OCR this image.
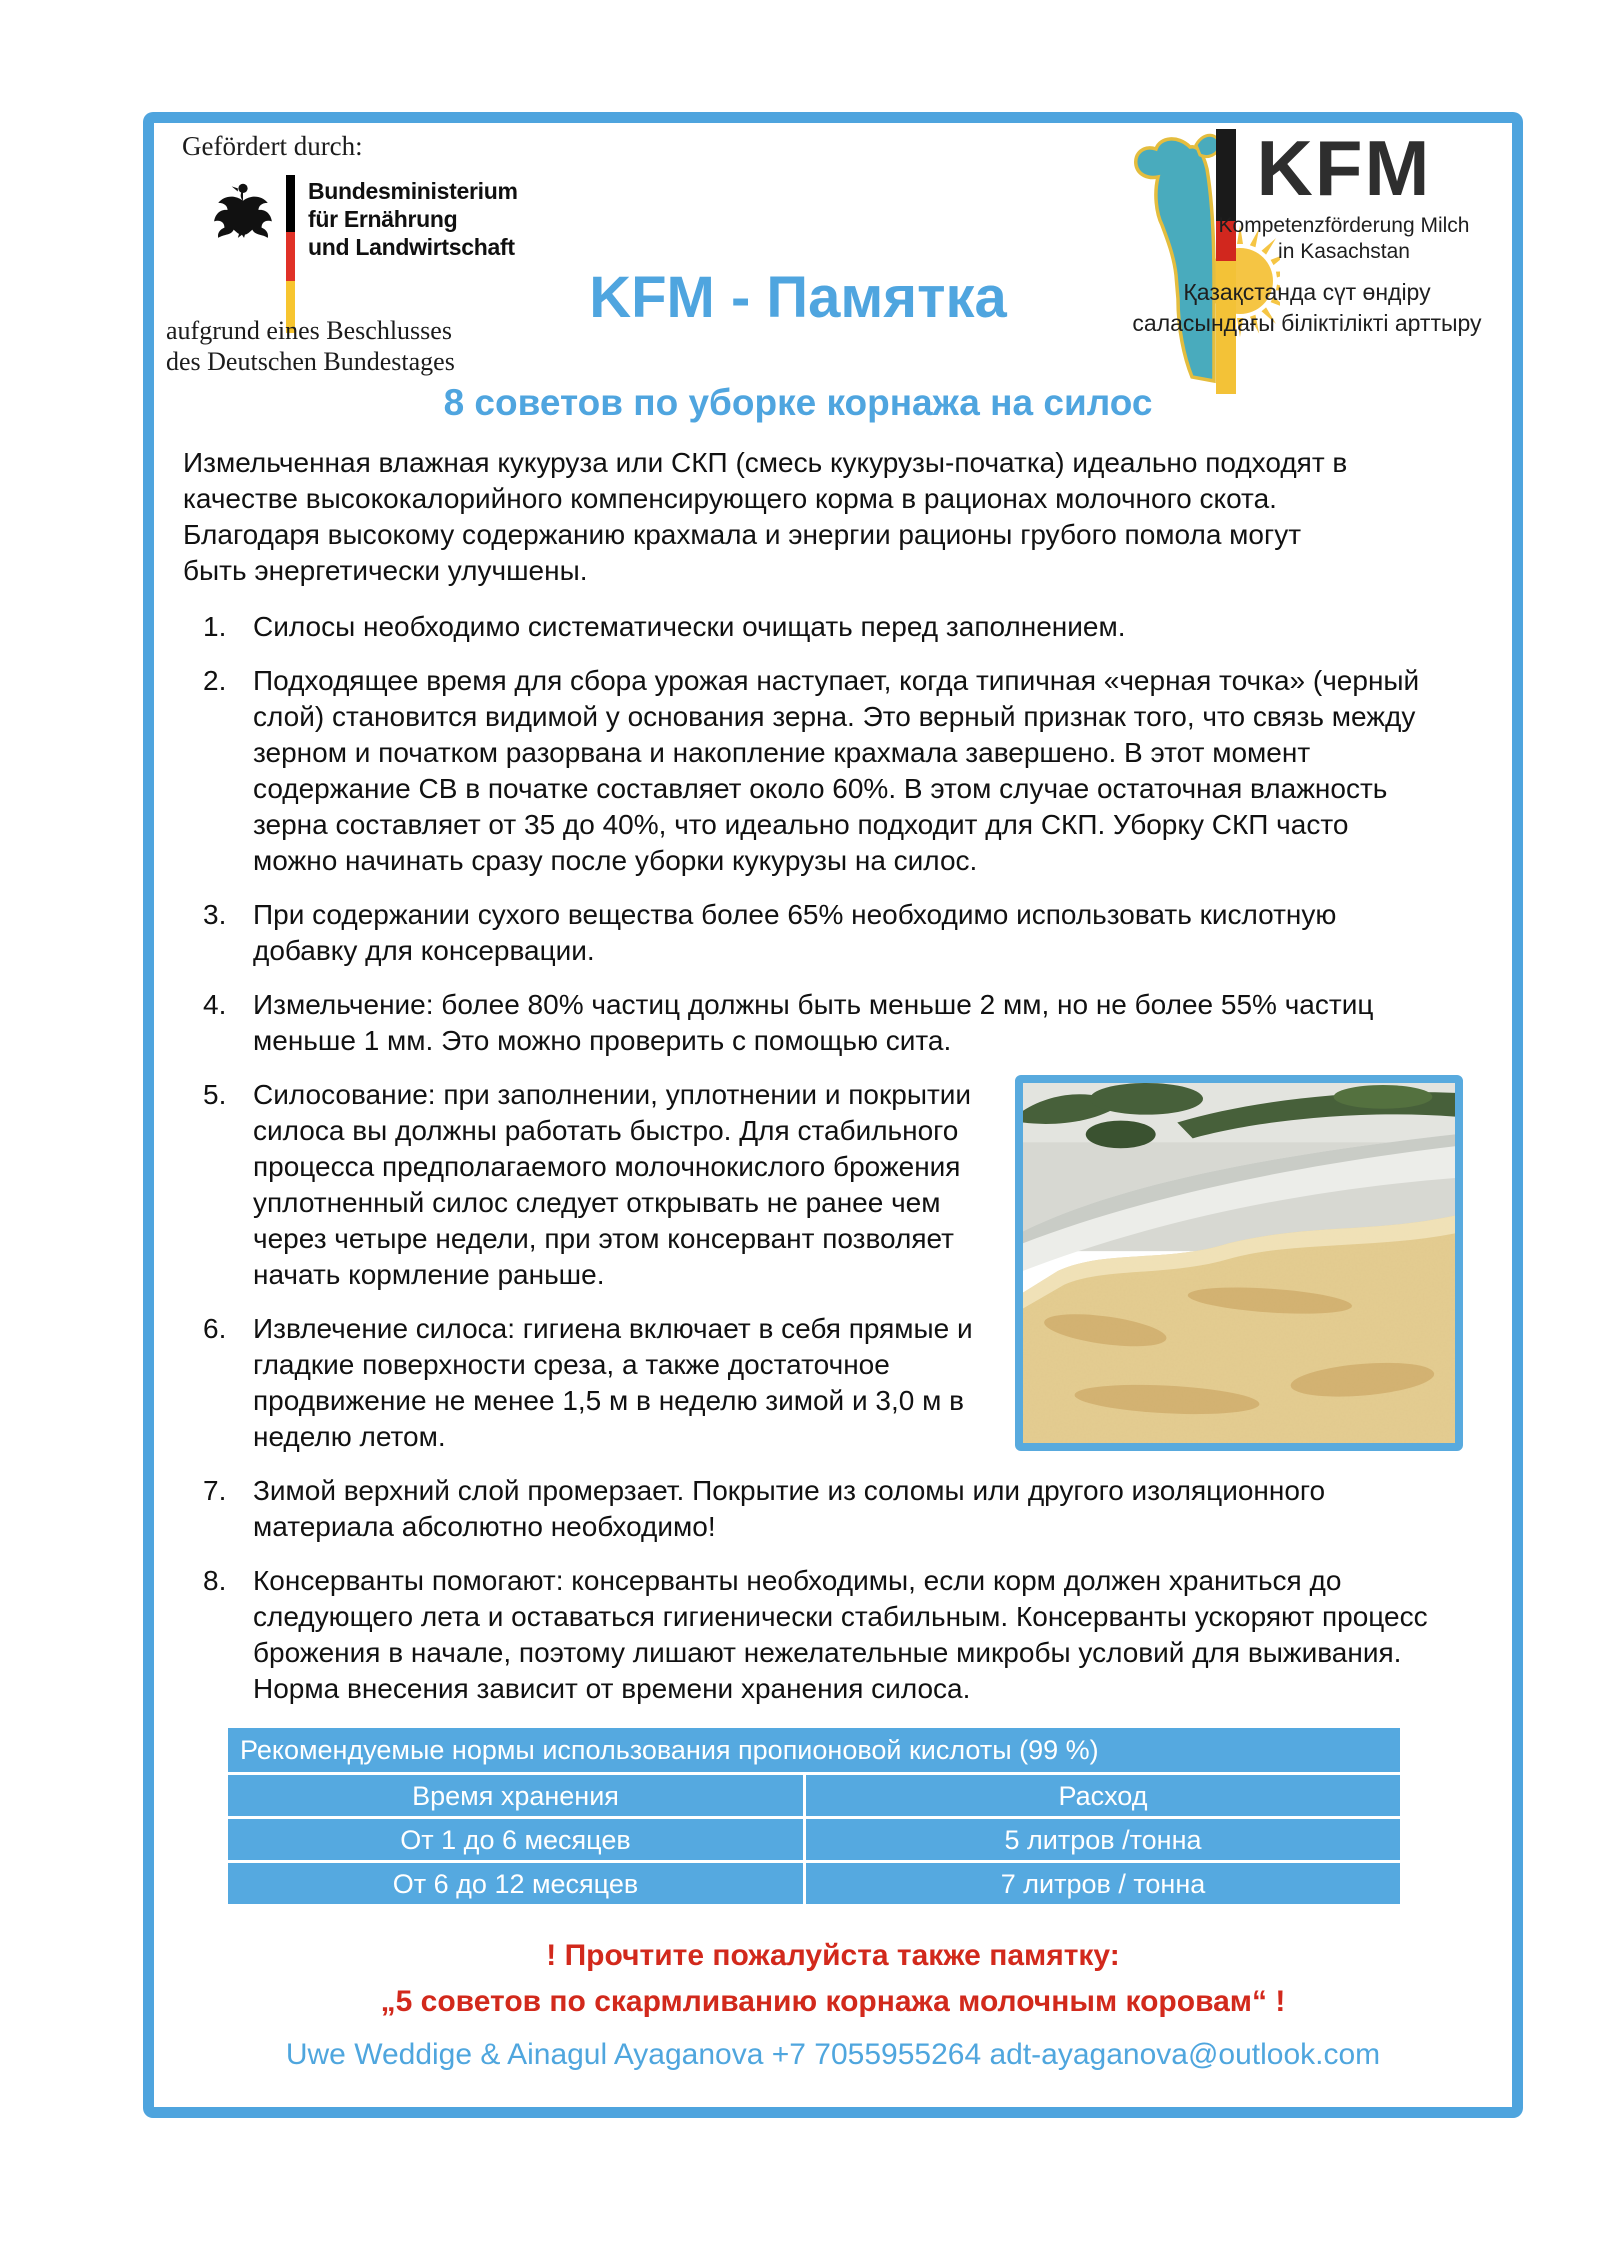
Gefördert durch:
Bundesministerium
für Ernährung
und Landwirtschaft
aufgrund eines Beschlusses
des Deutschen Bundestages
KFM - Памятка
8 советов по уборке корнажа на силос
KFM
Kompetenzförderung Milch
in Kasachstan
Қазақстанда сүт өндіру
саласындағы біліктілікті арттыру

Измельченная влажная кукуруза или СКП (смесь кукурузы-початка) идеально подходят в качестве высококалорийного компенсирующего корма в рационах молочного скота. Благодаря высокому содержанию крахмала и энергии рационы грубого помола могут быть энергетически улучшены.

Силосы необходимо систематически очищать перед заполнением.
Подходящее время для сбора урожая наступает, когда типичная «черная точка» (черный слой) становится видимой у основания зерна. Это верный признак того, что связь между зерном и початком разорвана и накопление крахмала завершено. В этот момент содержание СВ в початке составляет около 60%. В этом случае остаточная влажность зерна составляет от 35 до 40%, что идеально подходит для СКП. Уборку СКП часто можно начинать сразу после уборки кукурузы на силос.
При содержании сухого вещества более 65% необходимо использовать кислотную добавку для консервации.
Измельчение: более 80% частиц должны быть меньше 2 мм, но не более 55% частиц меньше 1 мм. Это можно проверить с помощью сита.
Силосование: при заполнении, уплотнении и покрытии силоса вы должны работать быстро. Для стабильного процесса предполагаемого молочнокислого брожения уплотненный силос следует открывать не ранее чем через четыре недели, при этом консервант позволяет начать кормление раньше.
Извлечение силоса: гигиена включает в себя прямые и гладкие поверхности среза, а также достаточное продвижение не менее 1,5 м в неделю зимой и 3,0 м в неделю летом.
Зимой верхний слой промерзает. Покрытие из соломы или другого изоляционного материала абсолютно необходимо!
Консерванты помогают: консерванты необходимы, если корм должен храниться до следующего лета и оставаться гигиенически стабильным. Консерванты ускоряют процесс брожения в начале, поэтому лишают нежелательные микробы условий для выживания. Норма внесения зависит от времени хранения силоса.
Рекомендуемые нормы использования пропионовой кислоты (99 %)	
Время хранения	Расход
От 1 до 6 месяцев	5 литров /тонна
От 6 до 12 месяцев	7 литров / тонна
! Прочтите пожалуйста также памятку:
„5 советов по скармливанию корнажа молочным коровам“ !
Uwe Weddige & Ainagul Ayaganova +7 7055955264 adt-ayaganova@outlook.com
